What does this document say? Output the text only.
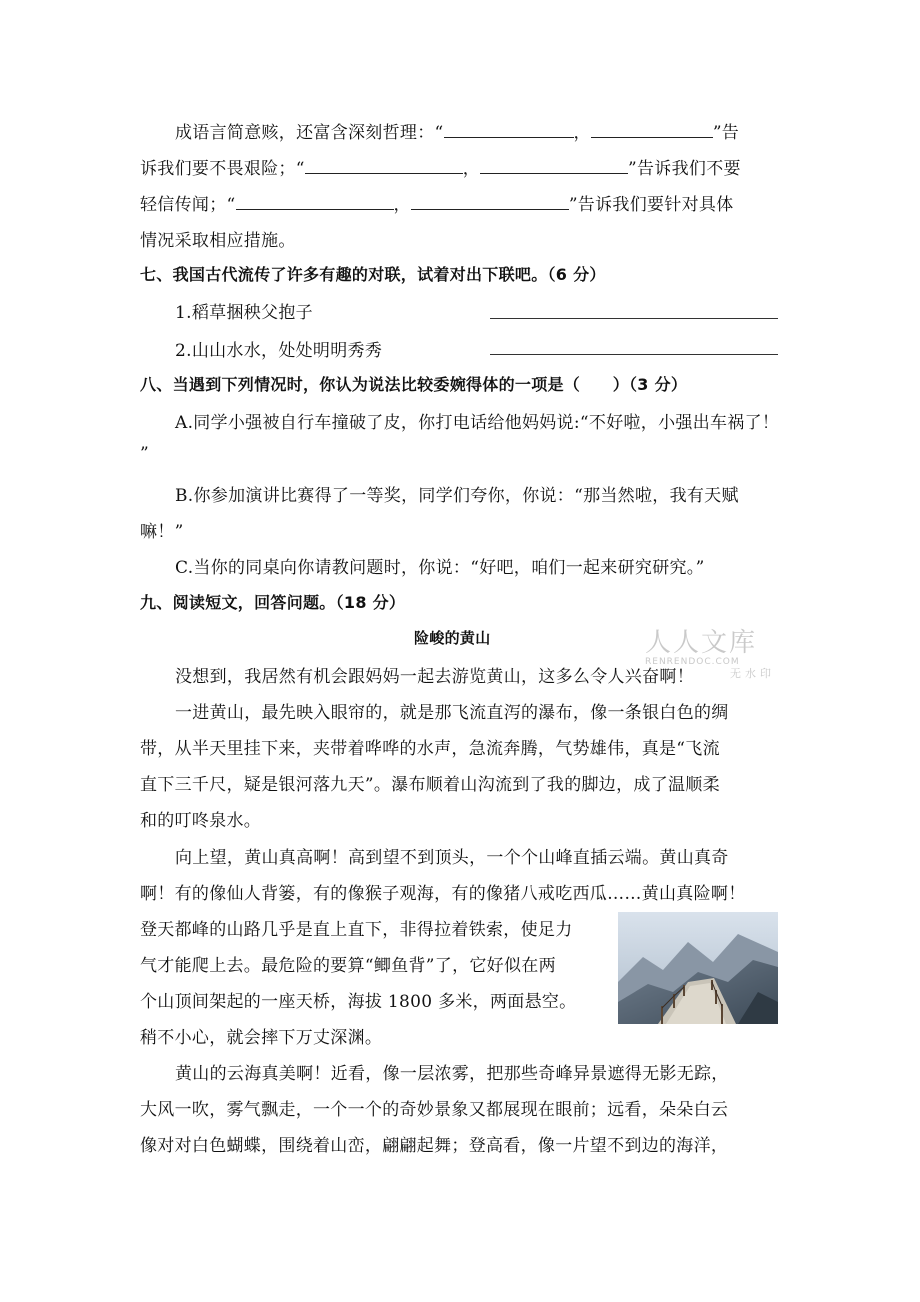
成语言简意赅，还富含深刻哲理：“	，	”告
诉我们要不畏艰险；“	，	”告诉我们不要
轻信传闻；“	，	”告诉我们要针对具体
情况采取相应措施。
七、我国古代流传了许多有趣的对联，试着对出下联吧。（6 分）
1.稻草捆秧父抱子
2.山山水水，处处明明秀秀
八、当遇到下列情况时，你认为说法比较委婉得体的一项是（　　）（3 分）
A.同学小强被自行车撞破了皮，你打电话给他妈妈说:“不好啦，小强出车祸了！
”
B.你参加演讲比赛得了一等奖，同学们夸你，你说：“那当然啦，我有天赋
嘛！”
C.当你的同桌向你请教问题时，你说：“好吧，咱们一起来研究研究。”
九、阅读短文，回答问题。（18 分）
险峻的黄山	人人文库
RENRENDOC.COM
无水印
没想到，我居然有机会跟妈妈一起去游览黄山，这多么令人兴奋啊！
一进黄山，最先映入眼帘的，就是那飞流直泻的瀑布，像一条银白色的绸
带，从半天里挂下来，夹带着哗哗的水声，急流奔腾，气势雄伟，真是“飞流
直下三千尺，疑是银河落九天”。瀑布顺着山沟流到了我的脚边，成了温顺柔
和的叮咚泉水。
向上望，黄山真高啊！高到望不到顶头，一个个山峰直插云端。黄山真奇
啊！有的像仙人背篓，有的像猴子观海，有的像猪八戒吃西瓜……黄山真险啊！
登天都峰的山路几乎是直上直下，非得拉着铁索，使足力
气才能爬上去。最危险的要算“鲫鱼背”了，它好似在两
个山顶间架起的一座天桥，海拔 1800 多米，两面悬空。
稍不小心，就会摔下万丈深渊。
黄山的云海真美啊！近看，像一层浓雾，把那些奇峰异景遮得无影无踪，
大风一吹，雾气飘走，一个一个的奇妙景象又都展现在眼前；远看，朵朵白云
像对对白色蝴蝶，围绕着山峦，翩翩起舞；登高看，像一片望不到边的海洋，
